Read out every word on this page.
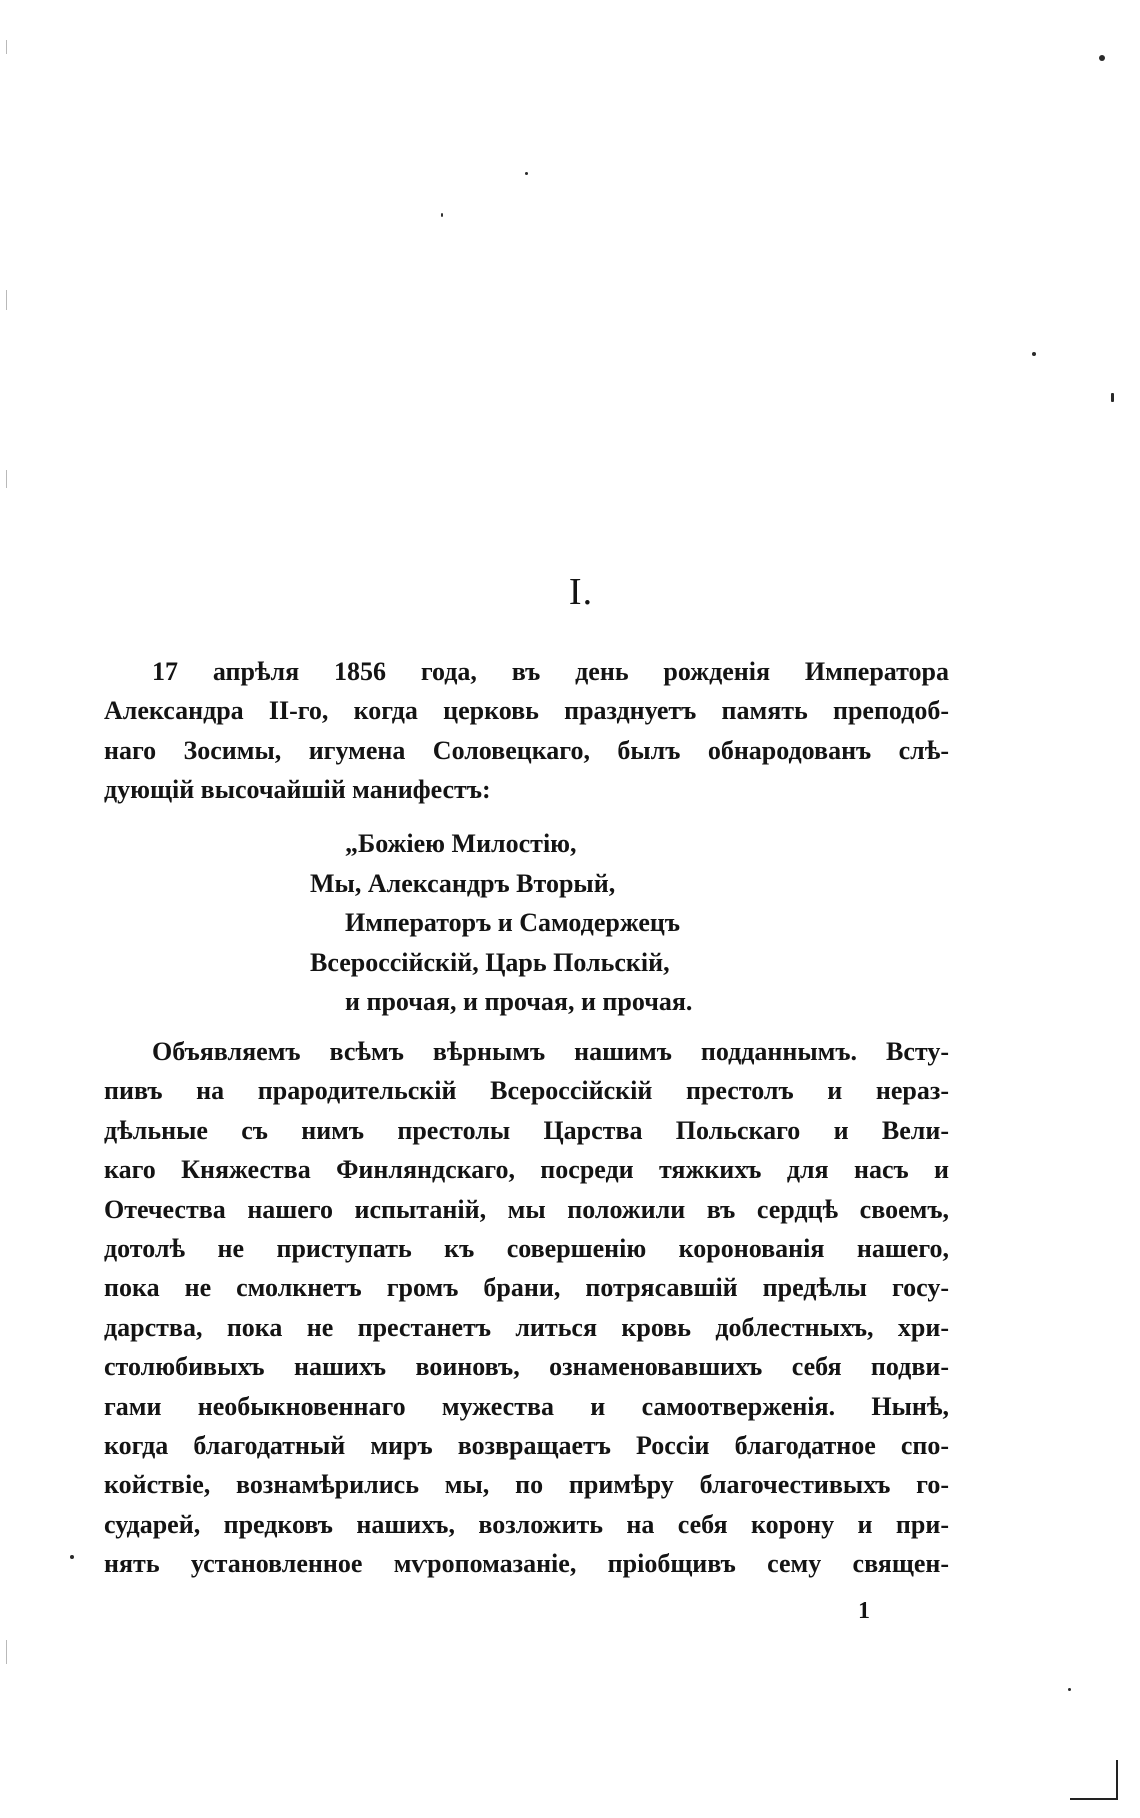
I.

17 апрѣля 1856 года, въ день рожденія Императора
Александра II-го, когда церковь празднуетъ память преподоб-
наго Зосимы, игумена Соловецкаго, былъ обнародованъ слѣ-
дующій высочайшій манифестъ:

„Божіею Милостію,
Мы, Александръ Вторый,
Императоръ и Самодержецъ
Всероссійскій, Царь Польскій,
и прочая, и прочая, и прочая.

Объявляемъ всѣмъ вѣрнымъ нашимъ подданнымъ. Всту-
пивъ на прародительскій Всероссійскій престолъ и нераз-
дѣльные съ нимъ престолы Царства Польскаго и Вели-
каго Княжества Финляндскаго, посреди тяжкихъ для насъ и
Отечества нашего испытаній, мы положили въ сердцѣ своемъ,
дотолѣ не приступать къ совершенію коронованія нашего,
пока не смолкнетъ громъ брани, потрясавшій предѣлы госу-
дарства, пока не престанетъ литься кровь доблестныхъ, хри-
столюбивыхъ нашихъ воиновъ, ознаменовавшихъ себя подви-
гами необыкновеннаго мужества и самоотверженія. Нынѣ,
когда благодатный миръ возвращаетъ Россіи благодатное спо-
койствіе, вознамѣрились мы, по примѣру благочестивыхъ го-
сударей, предковъ нашихъ, возложить на себя корону и при-
нять установленное мѵропомазаніе, пріобщивъ сему священ-

1
